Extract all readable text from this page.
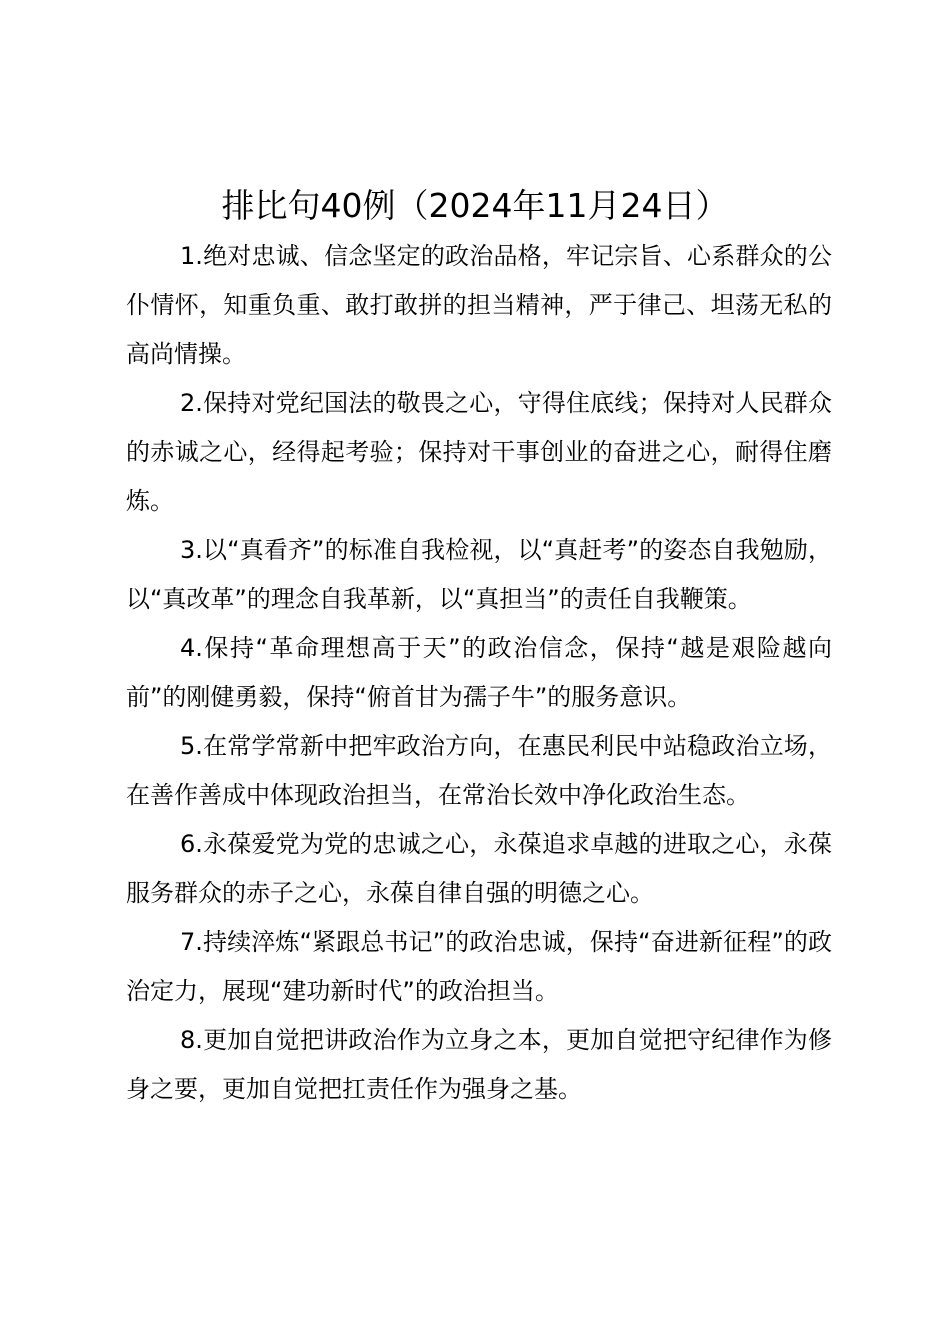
排比句40例（2024年11月24日）

1.绝对忠诚、信念坚定的政治品格，牢记宗旨、心系群众的公仆情怀，知重负重、敢打敢拼的担当精神，严于律己、坦荡无私的高尚情操。

2.保持对党纪国法的敬畏之心，守得住底线；保持对人民群众的赤诚之心，经得起考验；保持对干事创业的奋进之心，耐得住磨炼。

3.以“真看齐”的标准自我检视，以“真赶考”的姿态自我勉励，以“真改革”的理念自我革新，以“真担当”的责任自我鞭策。

4.保持“革命理想高于天”的政治信念，保持“越是艰险越向前”的刚健勇毅，保持“俯首甘为孺子牛”的服务意识。

5.在常学常新中把牢政治方向，在惠民利民中站稳政治立场，在善作善成中体现政治担当，在常治长效中净化政治生态。

6.永葆爱党为党的忠诚之心，永葆追求卓越的进取之心，永葆服务群众的赤子之心，永葆自律自强的明德之心。

7.持续淬炼“紧跟总书记”的政治忠诚，保持“奋进新征程”的政治定力，展现“建功新时代”的政治担当。

8.更加自觉把讲政治作为立身之本，更加自觉把守纪律作为修身之要，更加自觉把扛责任作为强身之基。
